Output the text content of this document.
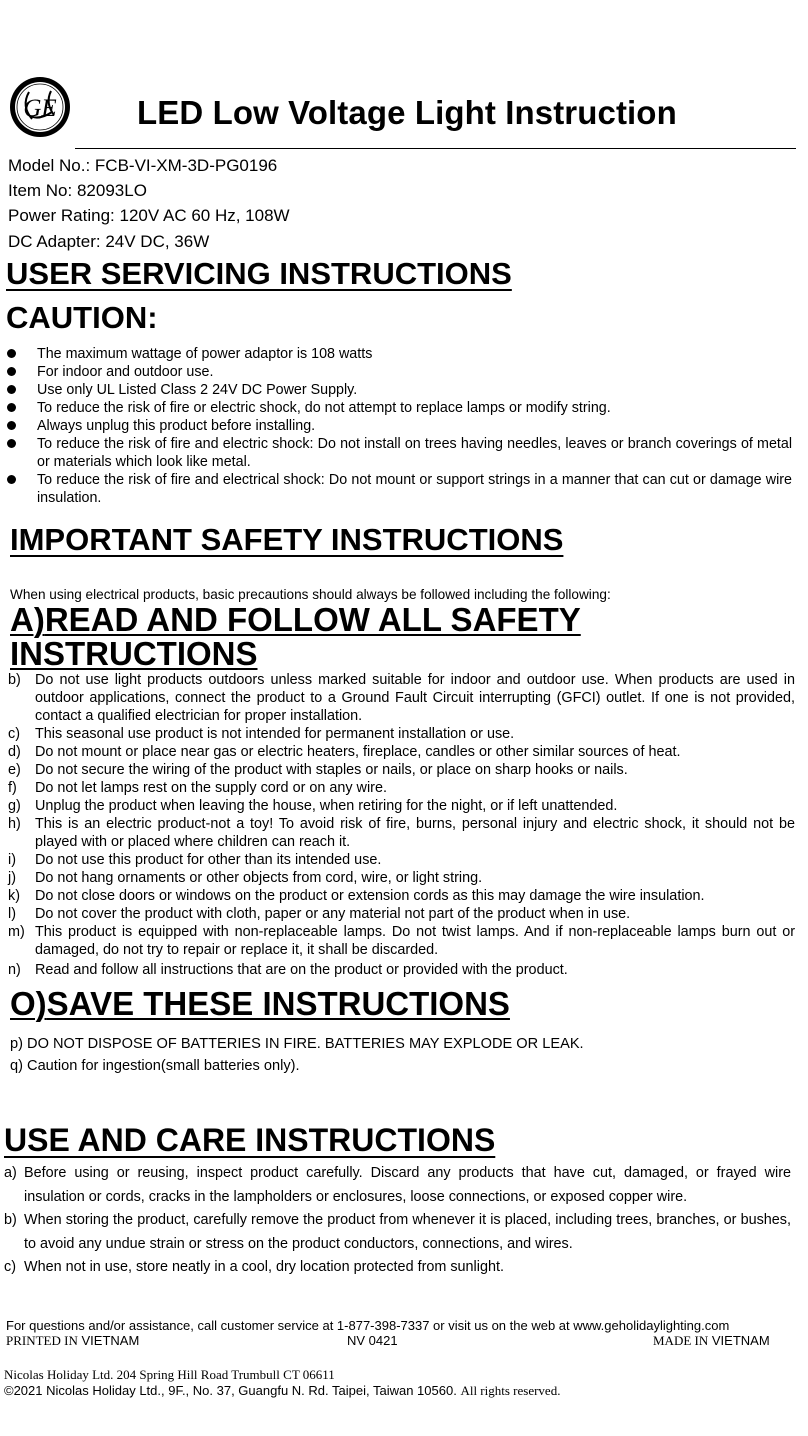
GE LED Low Voltage Light Instruction
Model No.: FCB-VI-XM-3D-PG0196
Item No: 82093LO
Power Rating: 120V AC 60 Hz, 108W
DC Adapter: 24V DC, 36W
USER SERVICING INSTRUCTIONS
CAUTION:
The maximum wattage of power adaptor is 108 watts
For indoor and outdoor use.
Use only UL Listed Class 2 24V DC Power Supply.
To reduce the risk of fire or electric shock, do not attempt to replace lamps or modify string.
Always unplug this product before installing.
To reduce the risk of fire and electric shock: Do not install on trees having needles, leaves or branch coverings of metal or materials which look like metal.
To reduce the risk of fire and electrical shock: Do not mount or support strings in a manner that can cut or damage wire insulation.
IMPORTANT SAFETY INSTRUCTIONS
When using electrical products, basic precautions should always be followed including the following:
A)READ AND FOLLOW ALL SAFETY
INSTRUCTIONS
b) Do not use light products outdoors unless marked suitable for indoor and outdoor use. When products are used in outdoor applications, connect the product to a Ground Fault Circuit interrupting (GFCI) outlet. If one is not provided, contact a qualified electrician for proper installation.
c) This seasonal use product is not intended for permanent installation or use.
d) Do not mount or place near gas or electric heaters, fireplace, candles or other similar sources of heat.
e) Do not secure the wiring of the product with staples or nails, or place on sharp hooks or nails.
f) Do not let lamps rest on the supply cord or on any wire.
g) Unplug the product when leaving the house, when retiring for the night, or if left unattended.
h) This is an electric product-not a toy! To avoid risk of fire, burns, personal injury and electric shock, it should not be played with or placed where children can reach it.
i) Do not use this product for other than its intended use.
j) Do not hang ornaments or other objects from cord, wire, or light string.
k) Do not close doors or windows on the product or extension cords as this may damage the wire insulation.
l) Do not cover the product with cloth, paper or any material not part of the product when in use.
m) This product is equipped with non-replaceable lamps. Do not twist lamps. And if non-replaceable lamps burn out or damaged, do not try to repair or replace it, it shall be discarded.
n) Read and follow all instructions that are on the product or provided with the product.
O)SAVE THESE INSTRUCTIONS
p) DO NOT DISPOSE OF BATTERIES IN FIRE. BATTERIES MAY EXPLODE OR LEAK.
q) Caution for ingestion(small batteries only).
USE AND CARE INSTRUCTIONS
a) Before using or reusing, inspect product carefully. Discard any products that have cut, damaged, or frayed wire insulation or cords, cracks in the lampholders or enclosures, loose connections, or exposed copper wire.
b) When storing the product, carefully remove the product from whenever it is placed, including trees, branches, or bushes, to avoid any undue strain or stress on the product conductors, connections, and wires.
c) When not in use, store neatly in a cool, dry location protected from sunlight.
For questions and/or assistance, call customer service at 1-877-398-7337 or visit us on the web at www.geholidaylighting.com
PRINTED IN VIETNAM	NV 0421	MADE IN VIETNAM
Nicolas Holiday Ltd. 204 Spring Hill Road Trumbull CT 06611
©2021 Nicolas Holiday Ltd., 9F., No. 37, Guangfu N. Rd. Taipei, Taiwan 10560. All rights reserved.
